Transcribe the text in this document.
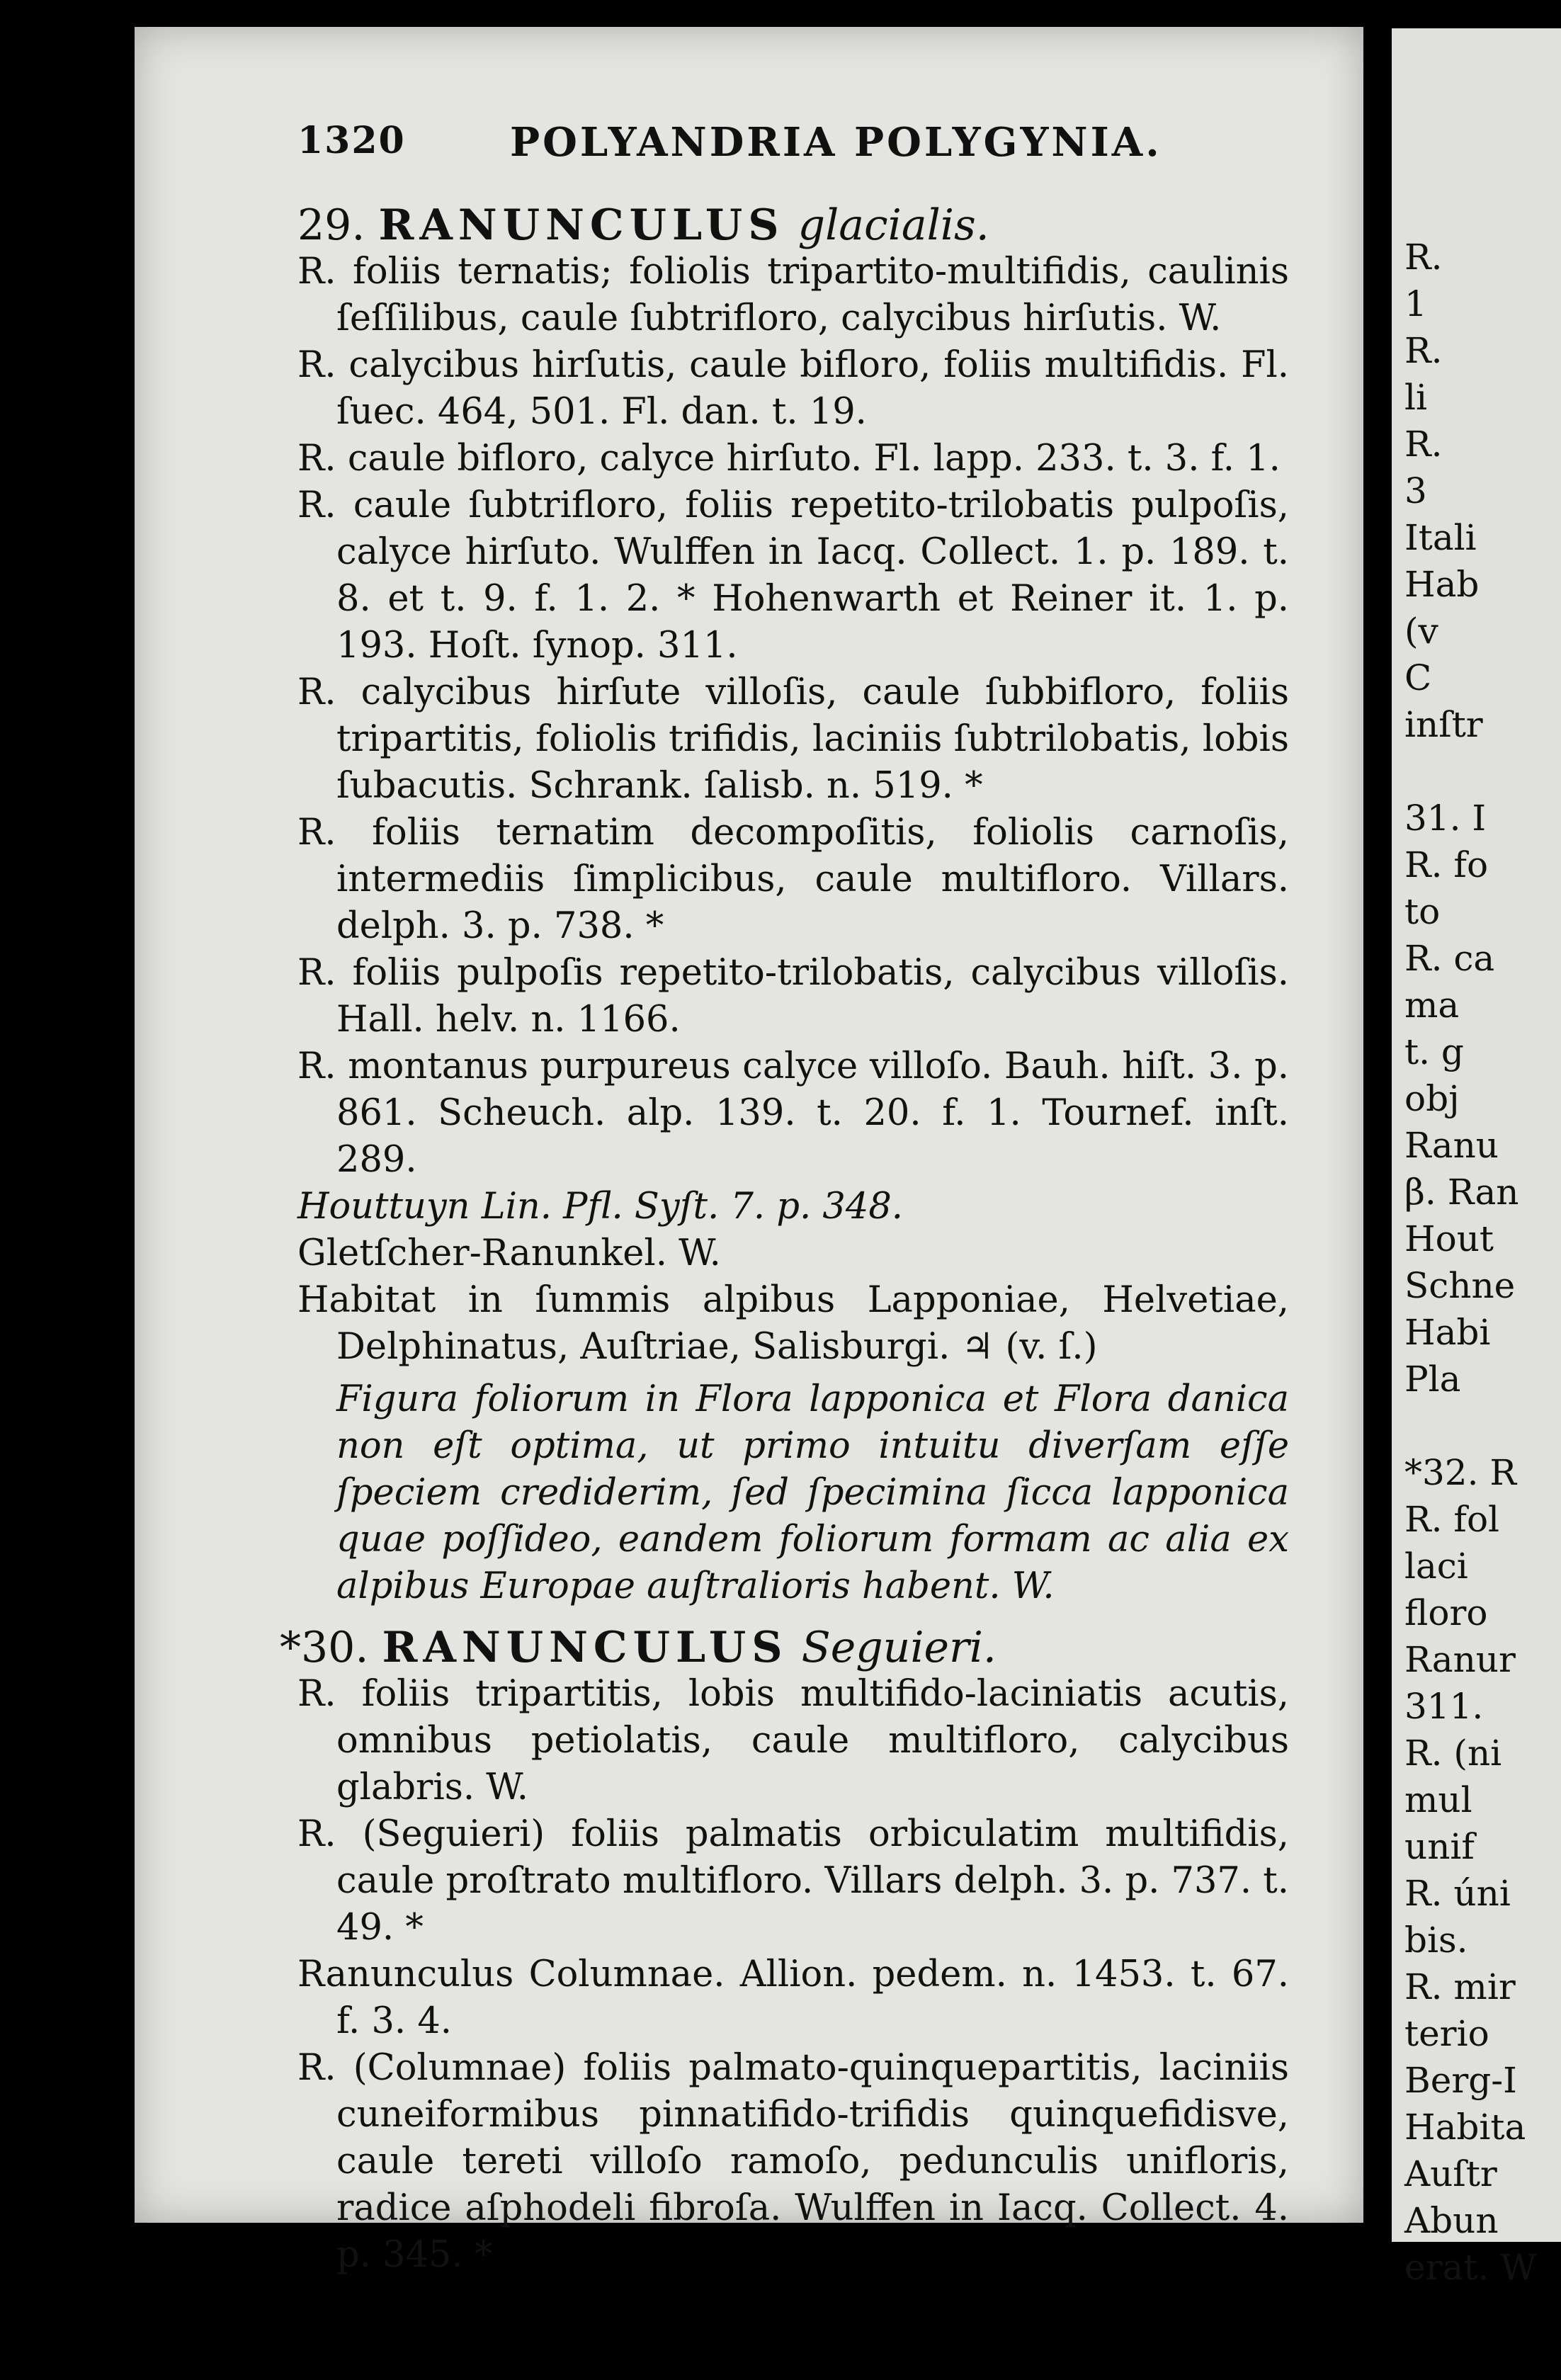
1320	POLYANDRIA POLYGYNIA.

29. RANUNCULUS glacialis.

R. foliis ternatis; foliolis tripartito-multifidis, caulinis ſeſſilibus, caule ſubtrifloro, calycibus hirſutis. W.

R. calycibus hirſutis, caule bifloro, foliis multifidis. Fl. ſuec. 464, 501. Fl. dan. t. 19.

R. caule bifloro, calyce hirſuto. Fl. lapp. 233. t. 3. f. 1.

R. caule ſubtrifloro, foliis repetito-trilobatis pulpoſis, calyce hirſuto. Wulffen in Iacq. Collect. 1. p. 189. t. 8. et t. 9. f. 1. 2. * Hohenwarth et Reiner it. 1. p. 193. Hoſt. ſynop. 311.

R. calycibus hirſute villoſis, caule ſubbifloro, foliis tripartitis, foliolis trifidis, laciniis ſubtrilobatis, lobis ſubacutis. Schrank. ſalisb. n. 519. *

R. foliis ternatim decompoſitis, foliolis carnoſis, intermediis ſimplicibus, caule multifloro. Villars. delph. 3. p. 738. *

R. foliis pulpoſis repetito-trilobatis, calycibus villoſis. Hall. helv. n. 1166.

R. montanus purpureus calyce villoſo. Bauh. hiſt. 3. p. 861. Scheuch. alp. 139. t. 20. f. 1. Tournef. inſt. 289.

Houttuyn Lin. Pfl. Syſt. 7. p. 348.

Gletſcher-Ranunkel. W.

Habitat in ſummis alpibus Lapponiae, Helvetiae, Delphinatus, Auſtriae, Salisburgi. ♃ (v. ſ.)

Figura foliorum in Flora lapponica et Flora danica non eſt optima, ut primo intuitu diverſam eſſe ſpeciem crediderim, ſed ſpecimina ſicca lapponica quae poſſideo, eandem foliorum formam ac alia ex alpibus Europae auſtralioris habent. W.

*30. RANUNCULUS Seguieri.

R. foliis tripartitis, lobis multifido-laciniatis acutis, omnibus petiolatis, caule multifloro, calycibus glabris. W.

R. (Seguieri) foliis palmatis orbiculatim multifidis, caule proſtrato multifloro. Villars delph. 3. p. 737. t. 49. *

Ranunculus Columnae. Allion. pedem. n. 1453. t. 67. f. 3. 4.

R. (Columnae) foliis palmato-quinquepartitis, laciniis cuneiformibus pinnatifido-trifidis quinquefidisve, caule tereti villoſo ramoſo, pedunculis unifloris, radice aſphodeli fibroſa. Wulffen in Iacq. Collect. 4. p. 345. *

R.
1
R.
li
R.
3
Itali
Hab
(v
C
inſtr

31. I
R. fo
to
R. ca
ma
t. g
obj
Ranu
β. Ran
Hout
Schne
Habi
Pla

*32. R
R. fol
laci
floro
Ranur
311.
R. (ni
mul
unif
R. úni
bis.
R. mir
terio
Berg-I
Habita
Auſtr
Abun
erat. W
